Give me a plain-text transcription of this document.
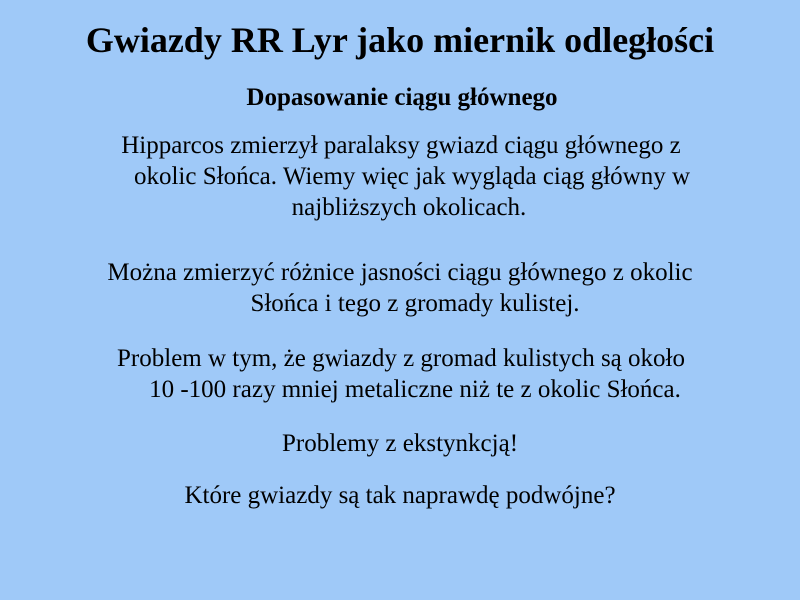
Gwiazdy RR Lyr jako miernik odległości
Dopasowanie ciągu głównego
Hipparcos zmierzył paralaksy gwiazd ciągu głównego z
okolic Słońca. Wiemy więc jak wygląda ciąg główny w
najbliższych okolicach.
Można zmierzyć różnice jasności ciągu głównego z okolic
Słońca i tego z gromady kulistej.
Problem w tym, że gwiazdy z gromad kulistych są około
10 -100 razy mniej metaliczne niż te z okolic Słońca.
Problemy z ekstynkcją!
Które gwiazdy są tak naprawdę podwójne?
